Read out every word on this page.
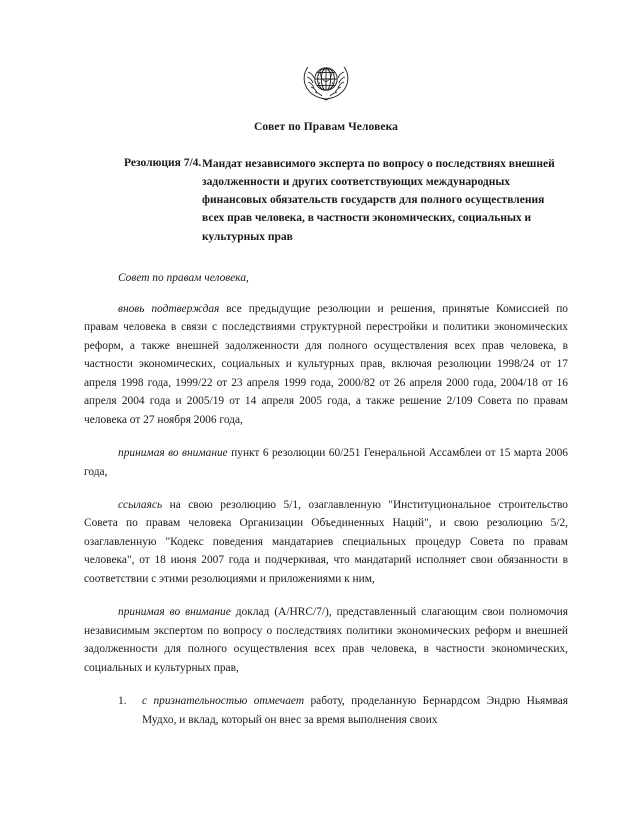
Совет по Правам Человека
Резолюция 7/4. Мандат независимого эксперта по вопросу о последствиях внешней задолженности и других соответствующих международных финансовых обязательств государств для полного осуществления всех прав человека, в частности экономических, социальных и культурных прав
Совет по правам человека,

вновь подтверждая все предыдущие резолюции и решения, принятые Комиссией по правам человека в связи с последствиями структурной перестройки и политики экономических реформ, а также внешней задолженности для полного осуществления всех прав человека, в частности экономических, социальных и культурных прав, включая резолюции 1998/24 от 17 апреля 1998 года, 1999/22 от 23 апреля 1999 года, 2000/82 от 26 апреля 2000 года, 2004/18 от 16 апреля 2004 года и 2005/19 от 14 апреля 2005 года, а также решение 2/109 Совета по правам человека от 27 ноября 2006 года,

принимая во внимание пункт 6 резолюции 60/251 Генеральной Ассамблеи от 15 марта 2006 года,

ссылаясь на свою резолюцию 5/1, озаглавленную "Институциональное строительство Совета по правам человека Организации Объединенных Наций", и свою резолюцию 5/2, озаглавленную "Кодекс поведения мандатариев специальных процедур Совета по правам человека", от 18 июня 2007 года и подчеркивая, что мандатарий исполняет свои обязанности в соответствии с этими резолюциями и приложениями к ним,

принимая во внимание доклад (A/HRC/7/), представленный слагающим свои полномочия независимым экспертом по вопросу о последствиях политики экономических реформ и внешней задолженности для полного осуществления всех прав человека, в частности экономических, социальных и культурных прав,

1.	с признательностью отмечает работу, проделанную Бернардсом Эндрю Ньямвая Мудхо, и вклад, который он внес за время выполнения своих
